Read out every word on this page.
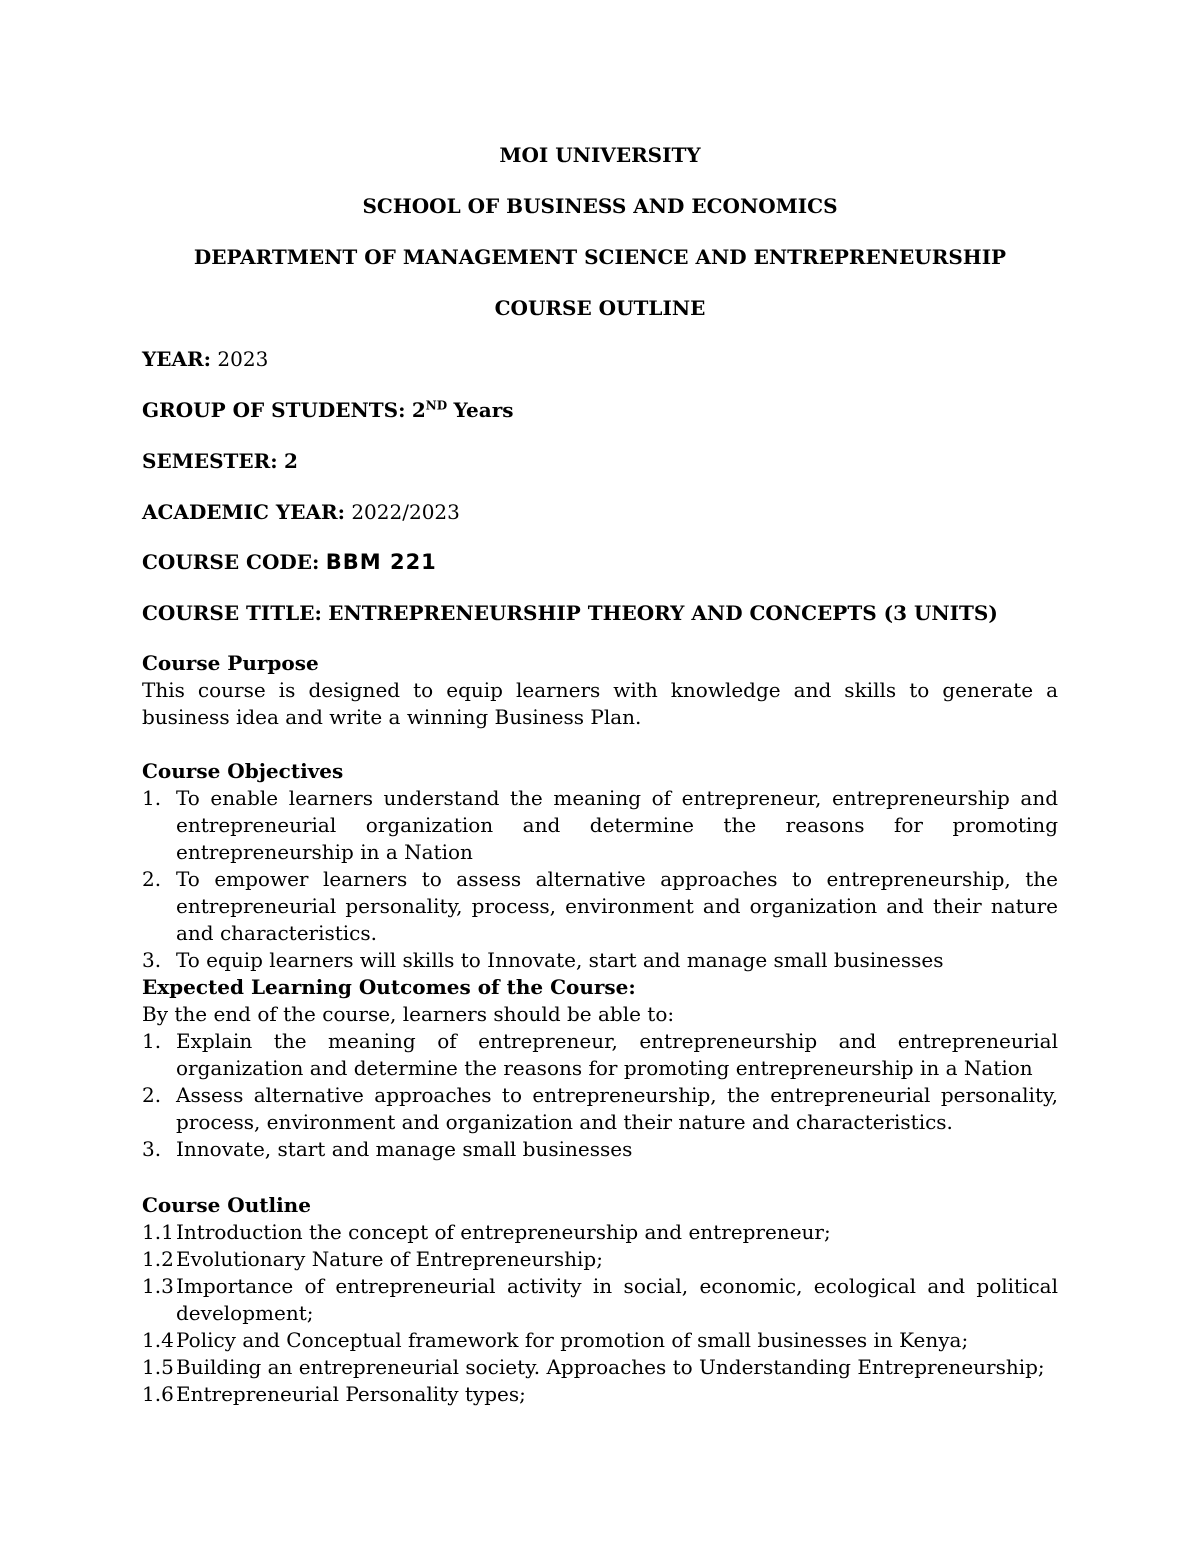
MOI UNIVERSITY
SCHOOL OF BUSINESS AND ECONOMICS
DEPARTMENT OF MANAGEMENT SCIENCE AND ENTREPRENEURSHIP
COURSE OUTLINE
YEAR: 2023
GROUP OF STUDENTS: 2ND Years
SEMESTER: 2
ACADEMIC YEAR: 2022/2023
COURSE CODE: BBM 221
COURSE TITLE: ENTREPRENEURSHIP THEORY AND CONCEPTS (3 UNITS)
Course Purpose
This course is designed to equip learners with knowledge and skills to generate a business idea and write a winning Business Plan.
Course Objectives
1. To enable learners understand the meaning of entrepreneur, entrepreneurship and entrepreneurial organization and determine the reasons for promoting entrepreneurship in a Nation
2. To empower learners to assess alternative approaches to entrepreneurship, the entrepreneurial personality, process, environment and organization and their nature and characteristics.
3. To equip learners will skills to Innovate, start and manage small businesses
Expected Learning Outcomes of the Course:
By the end of the course, learners should be able to:
1. Explain the meaning of entrepreneur, entrepreneurship and entrepreneurial organization and determine the reasons for promoting entrepreneurship in a Nation
2. Assess alternative approaches to entrepreneurship, the entrepreneurial personality, process, environment and organization and their nature and characteristics.
3. Innovate, start and manage small businesses
Course Outline
1.1 Introduction the concept of entrepreneurship and entrepreneur;
1.2 Evolutionary Nature of Entrepreneurship;
1.3 Importance of entrepreneurial activity in social, economic, ecological and political development;
1.4 Policy and Conceptual framework for promotion of small businesses in Kenya;
1.5 Building an entrepreneurial society. Approaches to Understanding Entrepreneurship;
1.6 Entrepreneurial Personality types;
